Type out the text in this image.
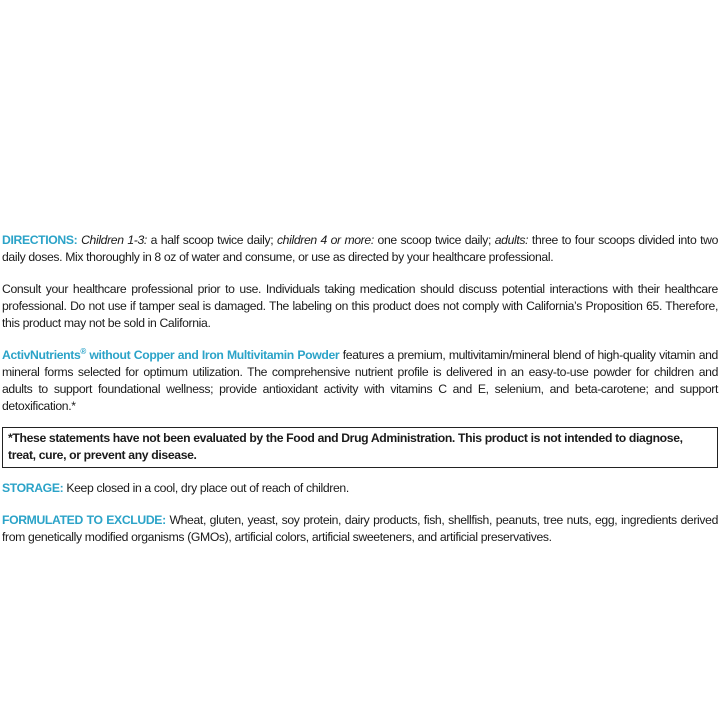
DIRECTIONS: Children 1-3: a half scoop twice daily; children 4 or more: one scoop twice daily; adults: three to four scoops divided into two daily doses. Mix thoroughly in 8 oz of water and consume, or use as directed by your healthcare professional.

Consult your healthcare professional prior to use. Individuals taking medication should discuss potential interactions with their healthcare professional. Do not use if tamper seal is damaged. The labeling on this product does not comply with California’s Proposition 65. Therefore, this product may not be sold in California.

ActivNutrients® without Copper and Iron Multivitamin Powder features a premium, multivitamin/mineral blend of high-quality vitamin and mineral forms selected for optimum utilization. The comprehensive nutrient profile is delivered in an easy-to-use powder for children and adults to support foundational wellness; provide antioxidant activity with vitamins C and E, selenium, and beta-carotene; and support detoxification.*

*These statements have not been evaluated by the Food and Drug Administration. This product is not intended to diagnose, treat, cure, or prevent any disease.

STORAGE: Keep closed in a cool, dry place out of reach of children.

FORMULATED TO EXCLUDE: Wheat, gluten, yeast, soy protein, dairy products, fish, shellfish, peanuts, tree nuts, egg, ingredients derived from genetically modified organisms (GMOs), artificial colors, artificial sweeteners, and artificial preservatives.
